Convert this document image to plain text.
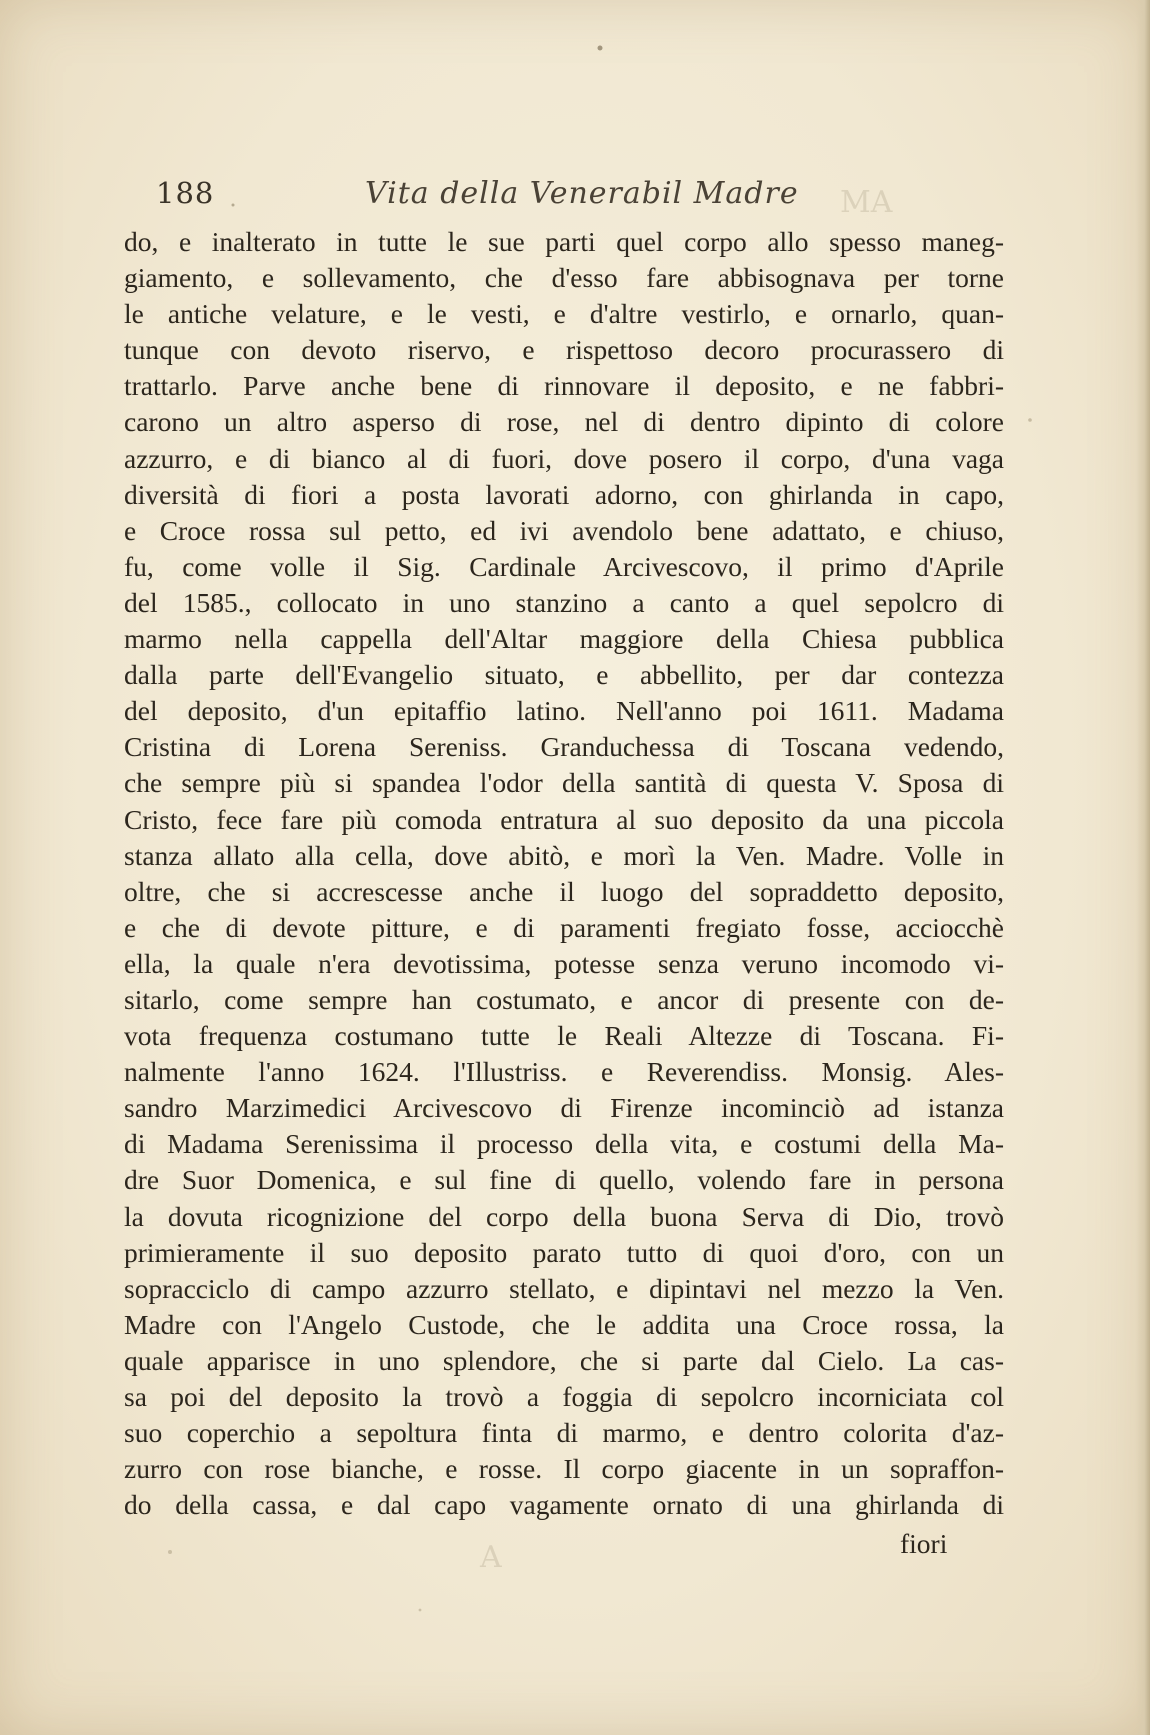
MA
A
188	Vita della Venerabil Madre
do, e inalterato in tutte le sue parti quel corpo allo spesso maneg-
giamento, e sollevamento, che d'esso fare abbisognava per torne
le antiche velature, e le vesti, e d'altre vestirlo, e ornarlo, quan-
tunque con devoto riservo, e rispettoso decoro procurassero di
trattarlo. Parve anche bene di rinnovare il deposito, e ne fabbri-
carono un altro asperso di rose, nel di dentro dipinto di colore
azzurro, e di bianco al di fuori, dove posero il corpo, d'una vaga
diversità di fiori a posta lavorati adorno, con ghirlanda in capo,
e Croce rossa sul petto, ed ivi avendolo bene adattato, e chiuso,
fu, come volle il Sig. Cardinale Arcivescovo, il primo d'Aprile
del 1585., collocato in uno stanzino a canto a quel sepolcro di
marmo nella cappella dell'Altar maggiore della Chiesa pubblica
dalla parte dell'Evangelio situato, e abbellito, per dar contezza
del deposito, d'un epitaffio latino. Nell'anno poi 1611. Madama
Cristina di Lorena Sereniss. Granduchessa di Toscana vedendo,
che sempre più si spandea l'odor della santità di questa V. Sposa di
Cristo, fece fare più comoda entratura al suo deposito da una piccola
stanza allato alla cella, dove abitò, e morì la Ven. Madre. Volle in
oltre, che si accrescesse anche il luogo del sopraddetto deposito,
e che di devote pitture, e di paramenti fregiato fosse, acciocchè
ella, la quale n'era devotissima, potesse senza veruno incomodo vi-
sitarlo, come sempre han costumato, e ancor di presente con de-
vota frequenza costumano tutte le Reali Altezze di Toscana. Fi-
nalmente l'anno 1624. l'Illustriss. e Reverendiss. Monsig. Ales-
sandro Marzimedici Arcivescovo di Firenze incominciò ad istanza
di Madama Serenissima il processo della vita, e costumi della Ma-
dre Suor Domenica, e sul fine di quello, volendo fare in persona
la dovuta ricognizione del corpo della buona Serva di Dio, trovò
primieramente il suo deposito parato tutto di quoi d'oro, con un
sopracciclo di campo azzurro stellato, e dipintavi nel mezzo la Ven.
Madre con l'Angelo Custode, che le addita una Croce rossa, la
quale apparisce in uno splendore, che si parte dal Cielo. La cas-
sa poi del deposito la trovò a foggia di sepolcro incorniciata col
suo coperchio a sepoltura finta di marmo, e dentro colorita d'az-
zurro con rose bianche, e rosse. Il corpo giacente in un sopraffon-
do della cassa, e dal capo vagamente ornato di una ghirlanda di
fiori
